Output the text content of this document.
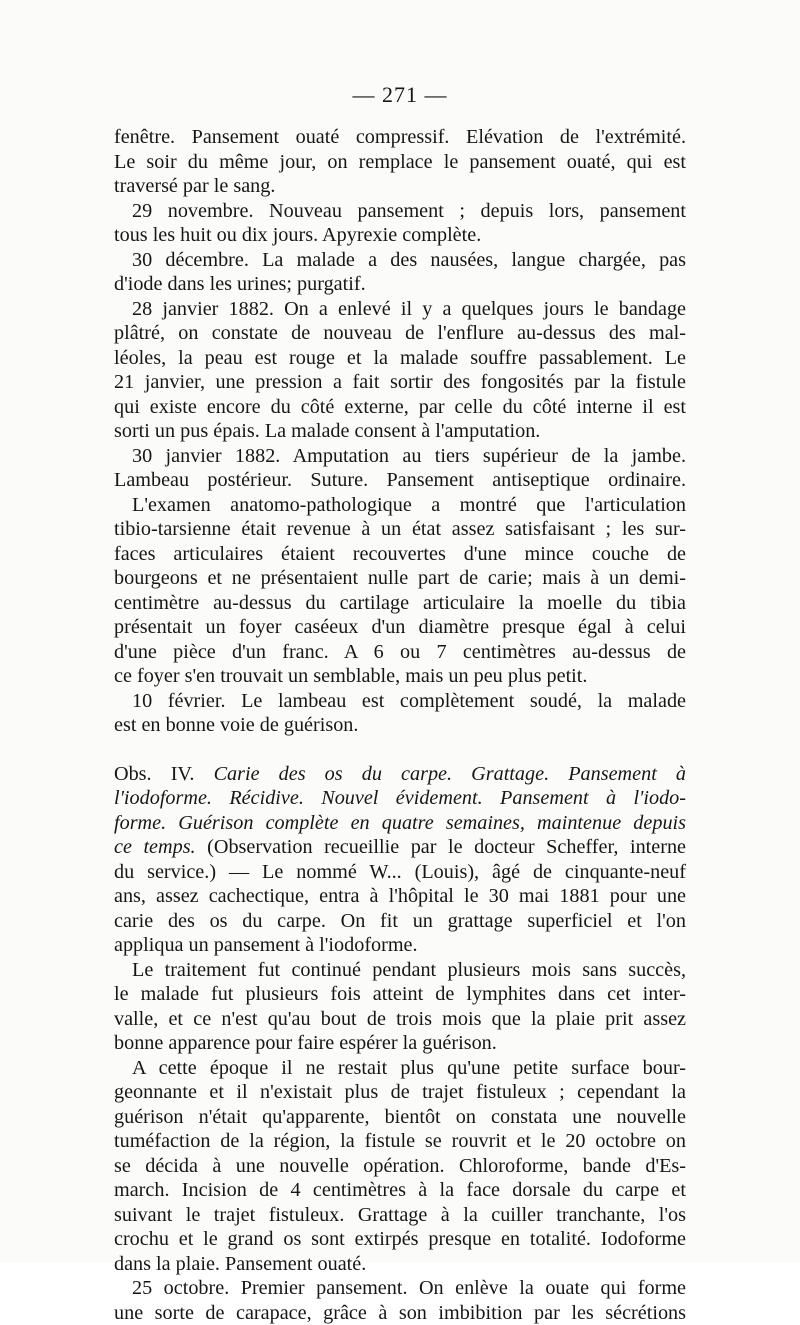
— 271 —
fenêtre. Pansement ouaté compressif. Elévation de l'extrémité.
Le soir du même jour, on remplace le pansement ouaté, qui est
traversé par le sang.
29 novembre. Nouveau pansement ; depuis lors, pansement
tous les huit ou dix jours. Apyrexie complète.
30 décembre. La malade a des nausées, langue chargée, pas
d'iode dans les urines; purgatif.
28 janvier 1882. On a enlevé il y a quelques jours le bandage
plâtré, on constate de nouveau de l'enflure au-dessus des mal-
léoles, la peau est rouge et la malade souffre passablement. Le
21 janvier, une pression a fait sortir des fongosités par la fistule
qui existe encore du côté externe, par celle du côté interne il est
sorti un pus épais. La malade consent à l'amputation.
30 janvier 1882. Amputation au tiers supérieur de la jambe.
Lambeau postérieur. Suture. Pansement antiseptique ordinaire.
L'examen anatomo-pathologique a montré que l'articulation
tibio-tarsienne était revenue à un état assez satisfaisant ; les sur-
faces articulaires étaient recouvertes d'une mince couche de
bourgeons et ne présentaient nulle part de carie; mais à un demi-
centimètre au-dessus du cartilage articulaire la moelle du tibia
présentait un foyer caséeux d'un diamètre presque égal à celui
d'une pièce d'un franc. A 6 ou 7 centimètres au-dessus de
ce foyer s'en trouvait un semblable, mais un peu plus petit.
10 février. Le lambeau est complètement soudé, la malade
est en bonne voie de guérison.
Obs. IV. Carie des os du carpe. Grattage. Pansement à
l'iodoforme. Récidive. Nouvel évidement. Pansement à l'iodo-
forme. Guérison complète en quatre semaines, maintenue depuis
ce temps. (Observation recueillie par le docteur Scheffer, interne
du service.) — Le nommé W... (Louis), âgé de cinquante-neuf
ans, assez cachectique, entra à l'hôpital le 30 mai 1881 pour une
carie des os du carpe. On fit un grattage superficiel et l'on
appliqua un pansement à l'iodoforme.
Le traitement fut continué pendant plusieurs mois sans succès,
le malade fut plusieurs fois atteint de lymphites dans cet inter-
valle, et ce n'est qu'au bout de trois mois que la plaie prit assez
bonne apparence pour faire espérer la guérison.
A cette époque il ne restait plus qu'une petite surface bour-
geonnante et il n'existait plus de trajet fistuleux ; cependant la
guérison n'était qu'apparente, bientôt on constata une nouvelle
tuméfaction de la région, la fistule se rouvrit et le 20 octobre on
se décida à une nouvelle opération. Chloroforme, bande d'Es-
march. Incision de 4 centimètres à la face dorsale du carpe et
suivant le trajet fistuleux. Grattage à la cuiller tranchante, l'os
crochu et le grand os sont extirpés presque en totalité. Iodoforme
dans la plaie. Pansement ouaté.
25 octobre. Premier pansement. On enlève la ouate qui forme
une sorte de carapace, grâce à son imbibition par les sécrétions
